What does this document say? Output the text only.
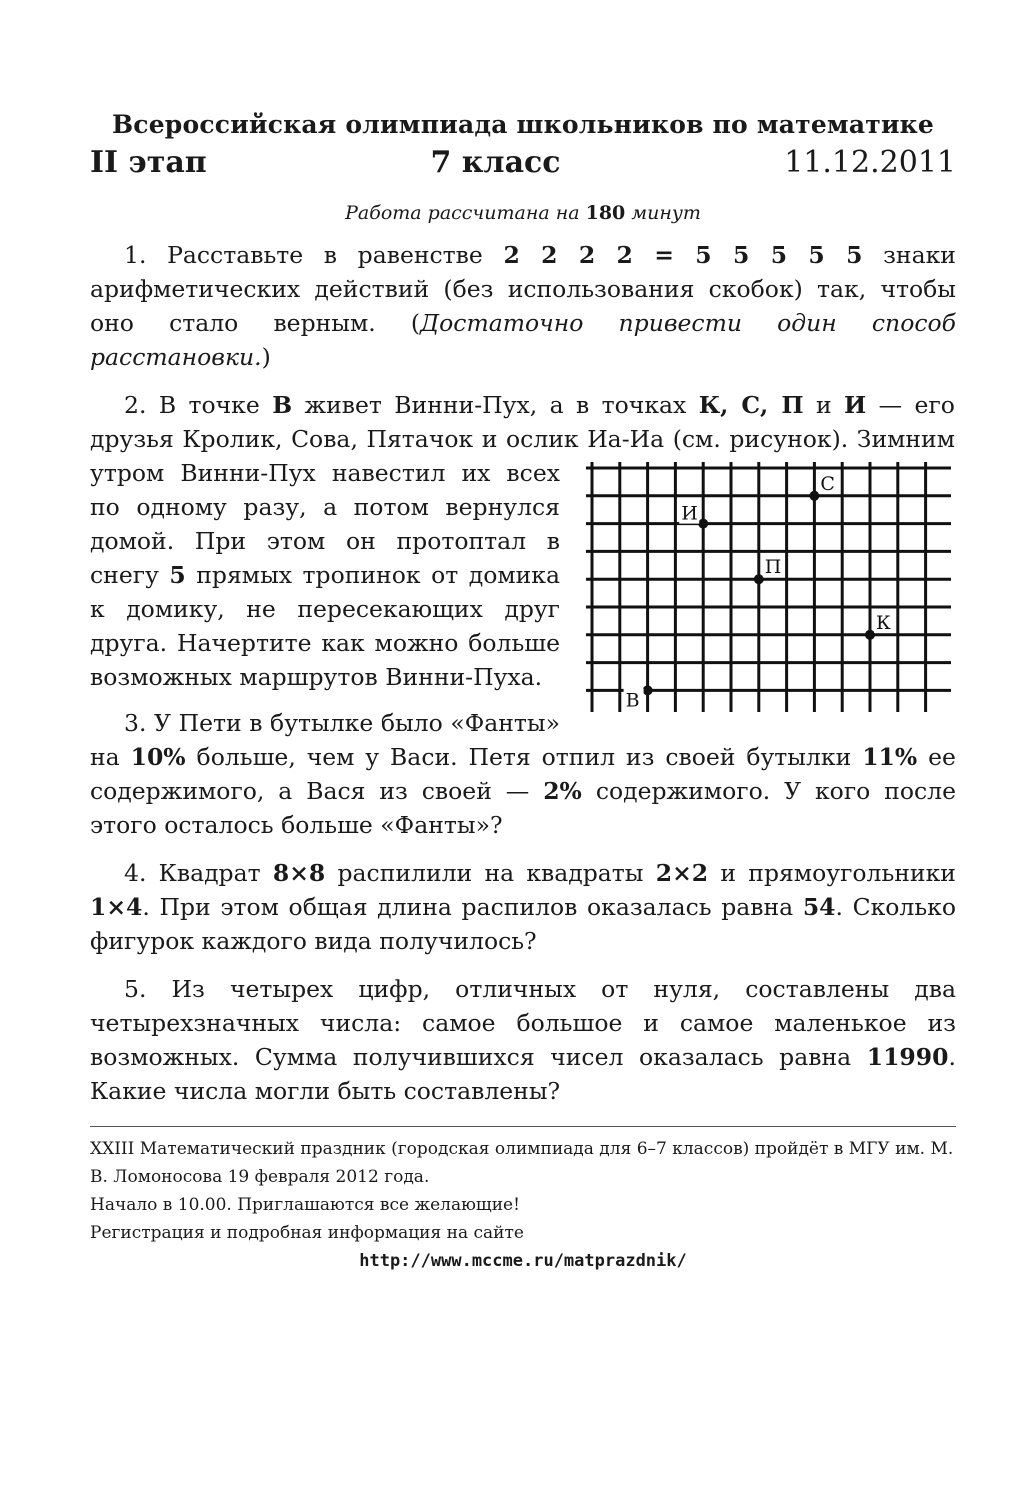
Всероссийская олимпиада школьников по математике
II этап	7 класс	11.12.2011
Работа рассчитана на 180 минут

1. Расставьте в равенстве 2 2 2 2 = 5 5 5 5 5 знаки арифметических действий (без использования скобок) так, чтобы оно стало верным. (Достаточно привести один способ расстановки.)

И
С
П
К
В
2. В точке В живет Винни-Пух, а в точках К, С, П и И — его друзья Кролик, Сова, Пятачок и ослик Иа-Иа (см. рисунок). Зимним утром Винни-Пух навестил их всех по одному разу, а потом вернулся домой. При этом он протоптал в снегу 5 прямых тропинок от домика к домику, не пересекающих друг друга. Начертите как можно больше возможных маршрутов Винни-Пуха.

3. У Пети в бутылке было «Фанты» на 10% больше, чем у Васи. Петя отпил из своей бутылки 11% ее содержимого, а Вася из своей — 2% содержимого. У кого после этого осталось больше «Фанты»?

4. Квадрат 8×8 распилили на квадраты 2×2 и прямоугольники 1×4. При этом общая длина распилов оказалась равна 54. Сколько фигурок каждого вида получилось?

5. Из четырех цифр, отличных от нуля, составлены два четырехзначных числа: самое большое и самое маленькое из возможных. Сумма получившихся чисел оказалась равна 11990. Какие числа могли быть составлены?

XXIII Математический праздник (городская олимпиада для 6–7 классов) пройдёт в МГУ им. М. В. Ломоносова 19 февраля 2012 года.
Начало в 10.00. Приглашаются все желающие!
Регистрация и подробная информация на сайте
http://www.mccme.ru/matprazdnik/
